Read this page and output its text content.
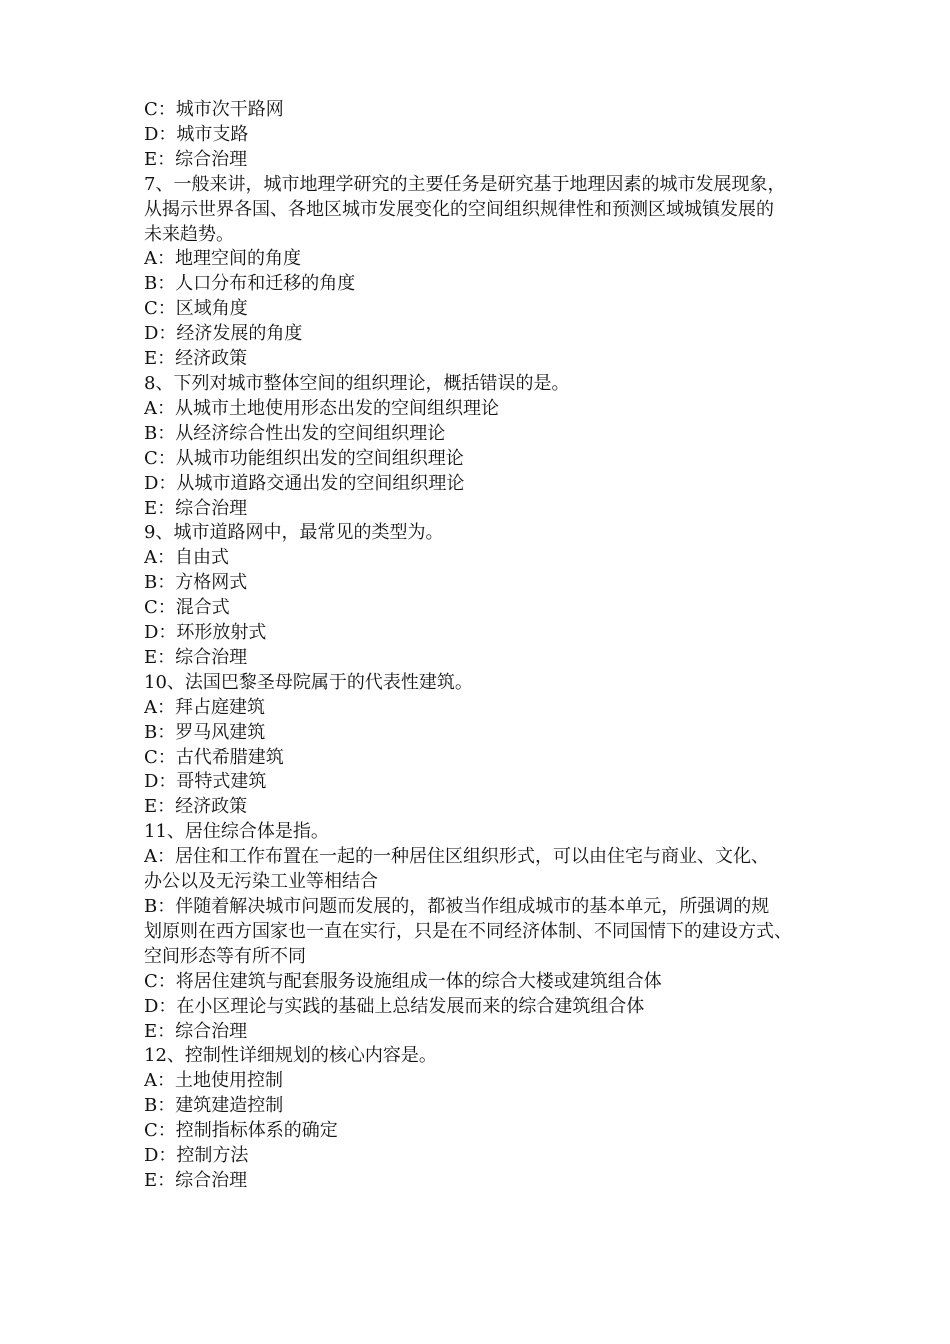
C：城市次干路网
D：城市支路
E：综合治理
7、一般来讲，城市地理学研究的主要任务是研究基于地理因素的城市发展现象，
从揭示世界各国、各地区城市发展变化的空间组织规律性和预测区域城镇发展的
未来趋势。
A：地理空间的角度
B：人口分布和迁移的角度
C：区域角度
D：经济发展的角度
E：经济政策
8、下列对城市整体空间的组织理论，概括错误的是。
A：从城市土地使用形态出发的空间组织理论
B：从经济综合性出发的空间组织理论
C：从城市功能组织出发的空间组织理论
D：从城市道路交通出发的空间组织理论
E：综合治理
9、城市道路网中，最常见的类型为。
A：自由式
B：方格网式
C：混合式
D：环形放射式
E：综合治理
10、法国巴黎圣母院属于的代表性建筑。
A：拜占庭建筑
B：罗马风建筑
C：古代希腊建筑
D：哥特式建筑
E：经济政策
11、居住综合体是指。
A：居住和工作布置在一起的一种居住区组织形式，可以由住宅与商业、文化、
办公以及无污染工业等相结合
B：伴随着解决城市问题而发展的，都被当作组成城市的基本单元，所强调的规
划原则在西方国家也一直在实行，只是在不同经济体制、不同国情下的建设方式、
空间形态等有所不同
C：将居住建筑与配套服务设施组成一体的综合大楼或建筑组合体
D：在小区理论与实践的基础上总结发展而来的综合建筑组合体
E：综合治理
12、控制性详细规划的核心内容是。
A：土地使用控制
B：建筑建造控制
C：控制指标体系的确定
D：控制方法
E：综合治理
